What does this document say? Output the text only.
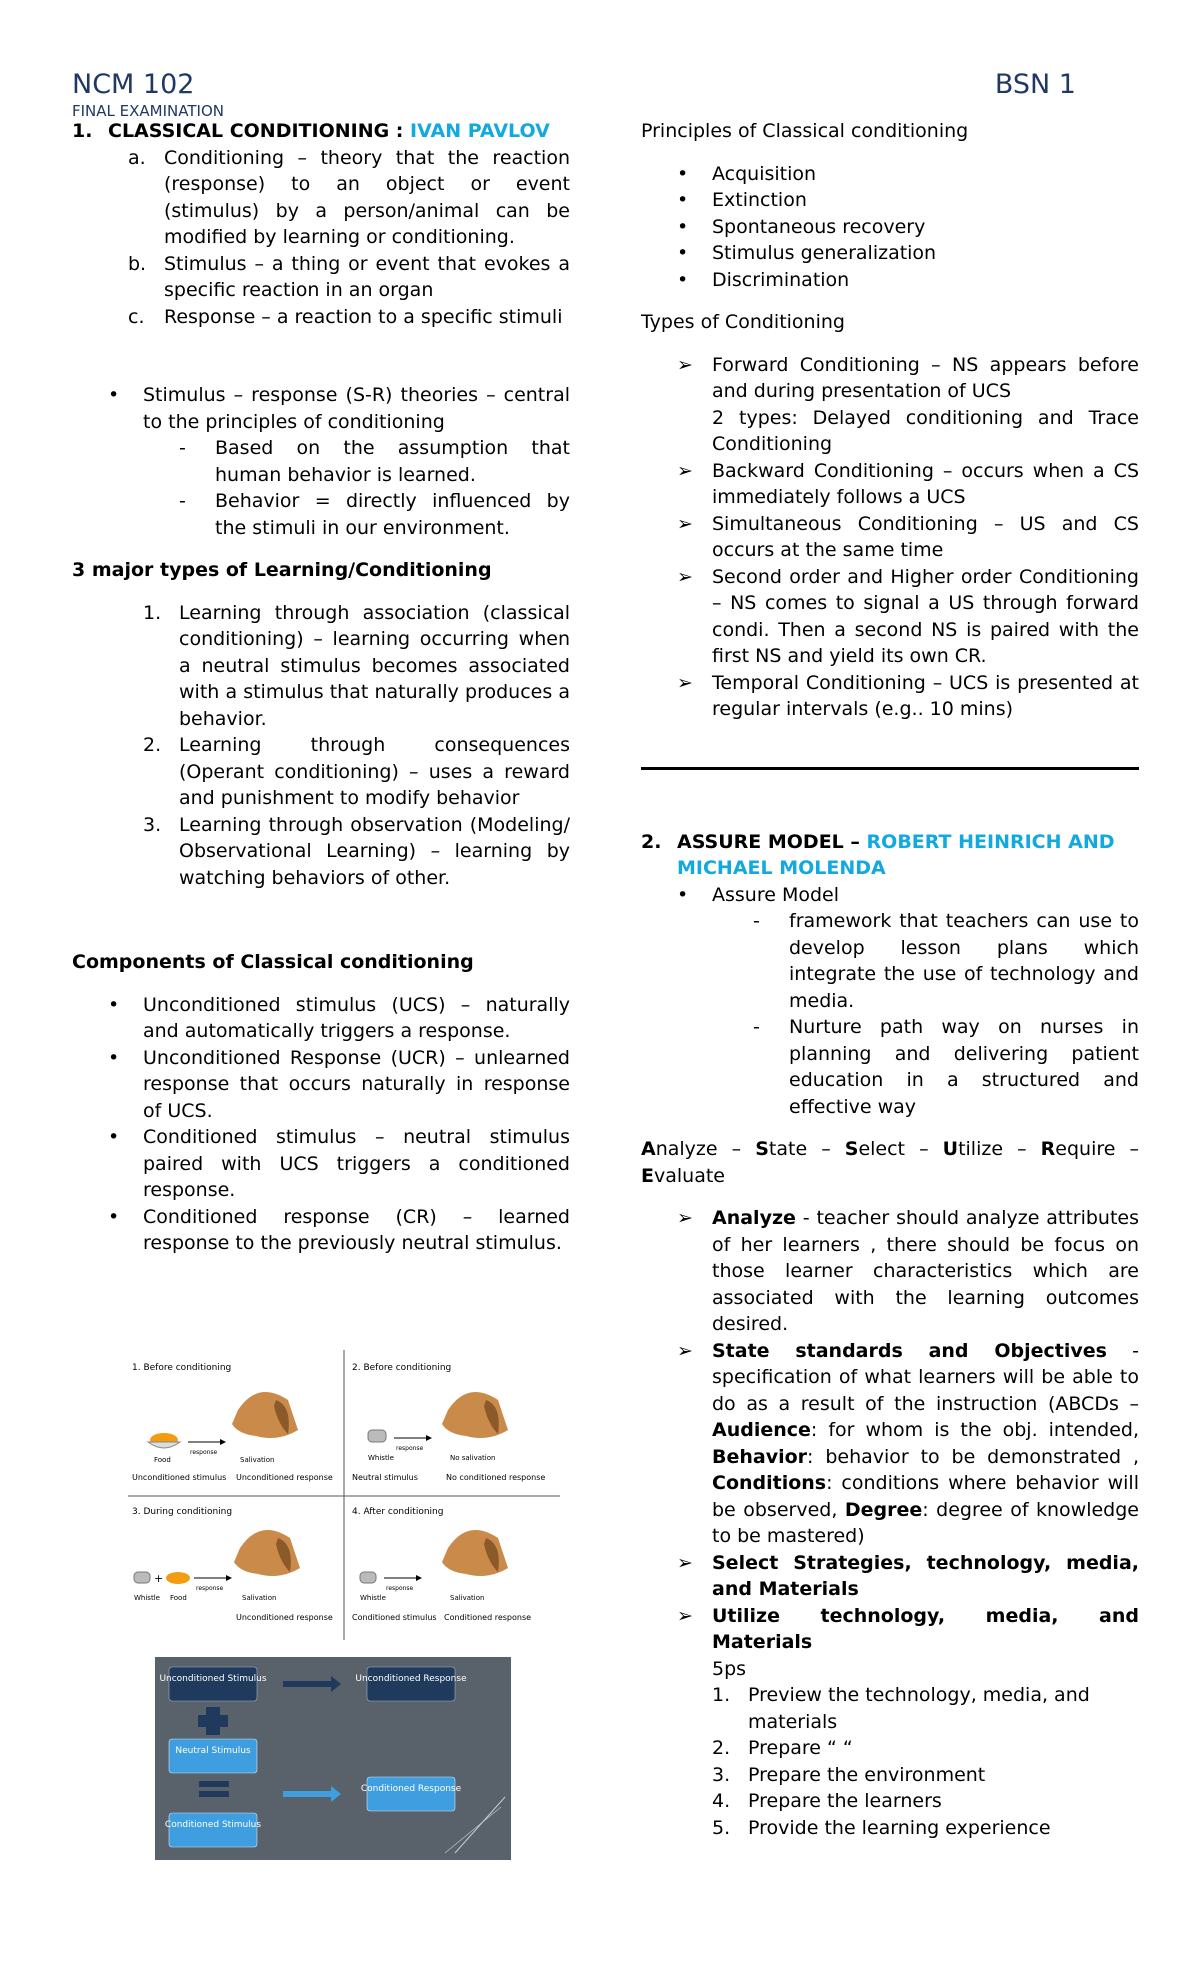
NCM 102
FINAL EXAMINATION
BSN 1
1. CLASSICAL CONDITIONING : IVAN PAVLOV
a. Conditioning – theory that the reaction (response) to an object or event (stimulus) by a person/animal can be modified by learning or conditioning.
b. Stimulus – a thing or event that evokes a specific reaction in an organ
c. Response – a reaction to a specific stimuli
• Stimulus – response (S-R) theories – central to the principles of conditioning
- Based on the assumption that human behavior is learned.
- Behavior = directly influenced by the stimuli in our environment.
3 major types of Learning/Conditioning
1. Learning through association (classical conditioning) – learning occurring when a neutral stimulus becomes associated with a stimulus that naturally produces a behavior.
2. Learning through consequences (Operant conditioning) – uses a reward and punishment to modify behavior
3. Learning through observation (Modeling/ Observational Learning) – learning by watching behaviors of other.
Components of Classical conditioning
• Unconditioned stimulus (UCS) – naturally and automatically triggers a response.
• Unconditioned Response (UCR) – unlearned response that occurs naturally in response of UCS.
• Conditioned stimulus – neutral stimulus paired with UCS triggers a conditioned response.
• Conditioned response (CR) – learned response to the previously neutral stimulus.
1. Before conditioning
Food
response
Salivation
Unconditioned stimulus Unconditioned response
2. Before conditioning
Whistle
response
No salivation
Neutral stimulus	No conditioned response
3. During conditioning
+
Whistle Food
response
Salivation
Unconditioned response
4. After conditioning
Whistle
response
Salivation
Conditioned stimulus Conditioned response
Unconditioned Stimulus	Unconditioned Response
Neutral Stimulus
Conditioned Stimulus
Conditioned Response
Principles of Classical conditioning
• Acquisition
• Extinction
• Spontaneous recovery
• Stimulus generalization
• Discrimination
Types of Conditioning
➢ Forward Conditioning – NS appears before and during presentation of UCS
2 types: Delayed conditioning and Trace Conditioning
➢ Backward Conditioning – occurs when a CS immediately follows a UCS
➢ Simultaneous Conditioning – US and CS occurs at the same time
➢ Second order and Higher order Conditioning – NS comes to signal a US through forward condi. Then a second NS is paired with the first NS and yield its own CR.
➢ Temporal Conditioning – UCS is presented at regular intervals (e.g.. 10 mins)
2. ASSURE MODEL – ROBERT HEINRICH AND MICHAEL MOLENDA
• Assure Model
- framework that teachers can use to develop lesson plans which integrate the use of technology and media.
- Nurture path way on nurses in planning and delivering patient education in a structured and effective way
Analyze – State – Select – Utilize – Require – Evaluate
➢ Analyze - teacher should analyze attributes of her learners , there should be focus on those learner characteristics which are associated with the learning outcomes desired.
➢ State standards and Objectives - specification of what learners will be able to do as a result of the instruction (ABCDs – Audience: for whom is the obj. intended, Behavior: behavior to be demonstrated , Conditions: conditions where behavior will be observed, Degree: degree of knowledge to be mastered)
➢ Select Strategies, technology, media, and Materials
➢ Utilize technology, media, and Materials
5ps
1. Preview the technology, media, and materials
2. Prepare “ “
3. Prepare the environment
4. Prepare the learners
5. Provide the learning experience
